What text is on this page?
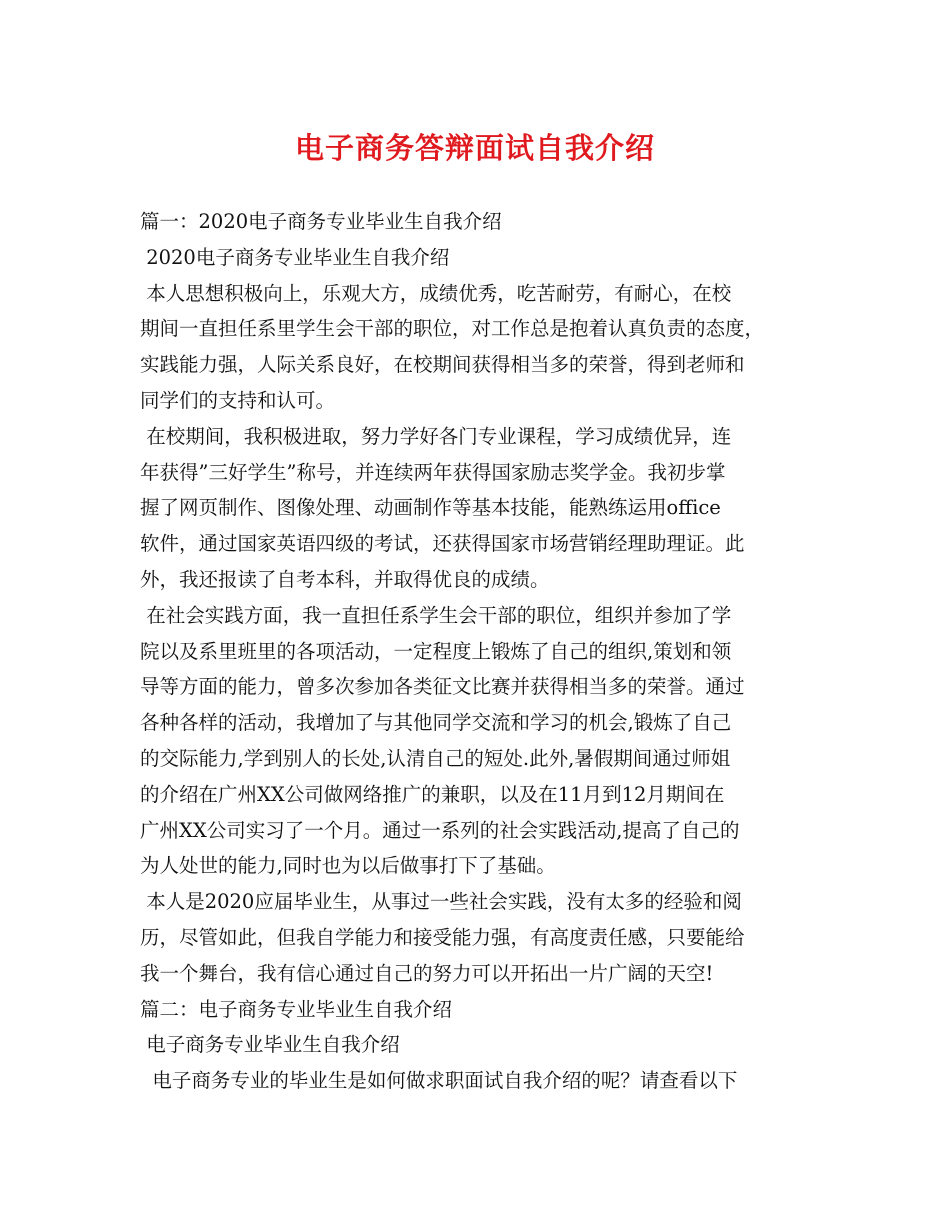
电子商务答辩面试自我介绍
篇一：2020电子商务专业毕业生自我介绍
2020电子商务专业毕业生自我介绍
本人思想积极向上，乐观大方，成绩优秀，吃苦耐劳，有耐心，在校
期间一直担任系里学生会干部的职位，对工作总是抱着认真负责的态度，
实践能力强，人际关系良好，在校期间获得相当多的荣誉，得到老师和
同学们的支持和认可。
在校期间，我积极进取，努力学好各门专业课程，学习成绩优异，连
年获得”三好学生”称号，并连续两年获得国家励志奖学金。我初步掌
握了网页制作、图像处理、动画制作等基本技能，能熟练运用office
软件，通过国家英语四级的考试，还获得国家市场营销经理助理证。此
外，我还报读了自考本科，并取得优良的成绩。
在社会实践方面，我一直担任系学生会干部的职位，组织并参加了学
院以及系里班里的各项活动，一定程度上锻炼了自己的组织,策划和领
导等方面的能力，曾多次参加各类征文比赛并获得相当多的荣誉。通过
各种各样的活动，我增加了与其他同学交流和学习的机会,锻炼了自己
的交际能力,学到别人的长处,认清自己的短处.此外,暑假期间通过师姐
的介绍在广州XX公司做网络推广的兼职，以及在11月到12月期间在
广州XX公司实习了一个月。通过一系列的社会实践活动,提高了自己的
为人处世的能力,同时也为以后做事打下了基础。
本人是2020应届毕业生，从事过一些社会实践，没有太多的经验和阅
历，尽管如此，但我自学能力和接受能力强，有高度责任感，只要能给
我一个舞台，我有信心通过自己的努力可以开拓出一片广阔的天空!
篇二：电子商务专业毕业生自我介绍
电子商务专业毕业生自我介绍
电子商务专业的毕业生是如何做求职面试自我介绍的呢？请查看以下
